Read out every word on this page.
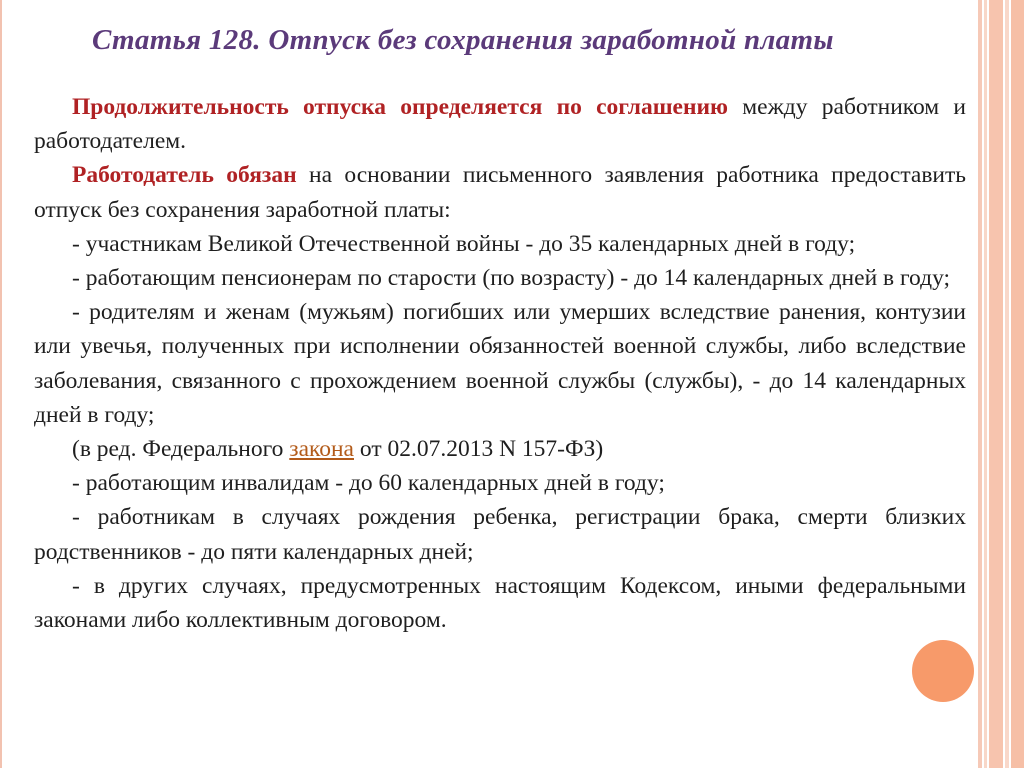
Статья 128. Отпуск без сохранения заработной платы

Продолжительность отпуска определяется по соглашению между работником и работодателем.

Работодатель обязан на основании письменного заявления работника предоставить отпуск без сохранения заработной платы:

- участникам Великой Отечественной войны - до 35 календарных дней в году;

- работающим пенсионерам по старости (по возрасту) - до 14 календарных дней в году;

- родителям и женам (мужьям) погибших или умерших вследствие ранения, контузии или увечья, полученных при исполнении обязанностей военной службы, либо вследствие заболевания, связанного с прохождением военной службы (службы), - до 14 календарных дней в году;

(в ред. Федерального закона от 02.07.2013 N 157-ФЗ)

- работающим инвалидам - до 60 календарных дней в году;

- работникам в случаях рождения ребенка, регистрации брака, смерти близких родственников - до пяти календарных дней;

- в других случаях, предусмотренных настоящим Кодексом, иными федеральными законами либо коллективным договором.
